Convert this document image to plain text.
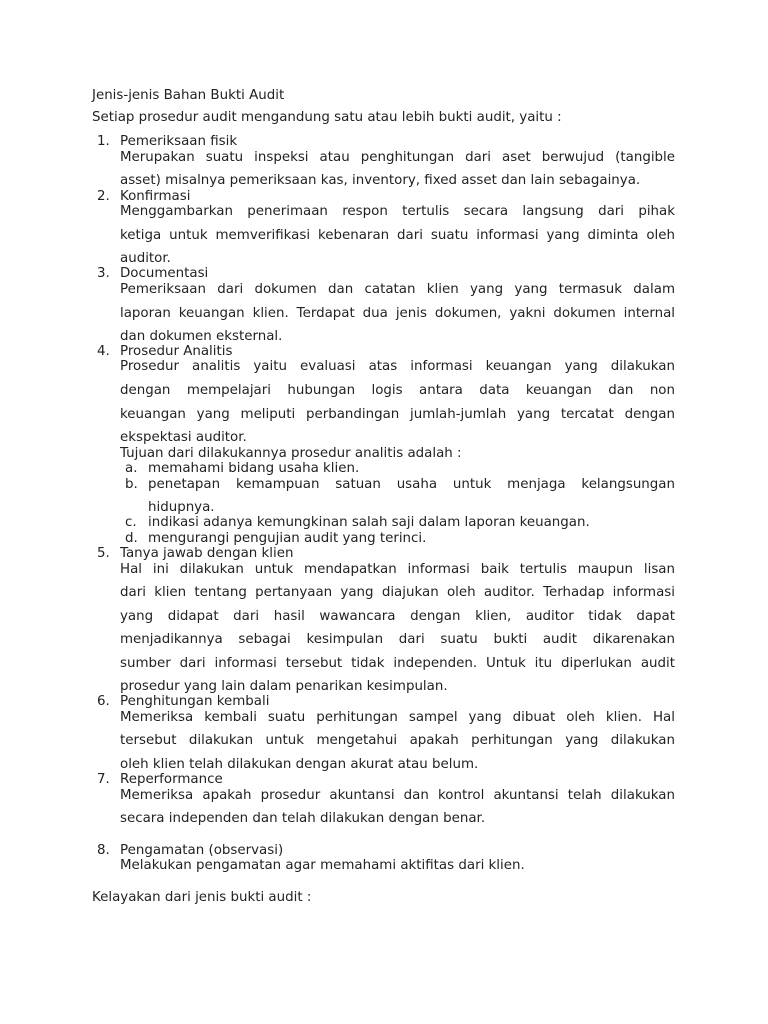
Jenis-jenis Bahan Bukti Audit

Setiap prosedur audit mengandung satu atau lebih bukti audit, yaitu :

1. Pemeriksaan fisik

Merupakan suatu inspeksi atau penghitungan dari aset berwujud (tangible

asset) misalnya pemeriksaan kas, inventory, fixed asset dan lain sebagainya.

2. Konfirmasi

Menggambarkan penerimaan respon tertulis secara langsung dari pihak

ketiga untuk memverifikasi kebenaran dari suatu informasi yang diminta oleh

auditor.

3. Documentasi

Pemeriksaan dari dokumen dan catatan klien yang yang termasuk dalam

laporan keuangan klien. Terdapat dua jenis dokumen, yakni dokumen internal

dan dokumen eksternal.

4. Prosedur Analitis

Prosedur analitis yaitu evaluasi atas informasi keuangan yang dilakukan

dengan mempelajari hubungan logis antara data keuangan dan non

keuangan yang meliputi perbandingan jumlah-jumlah yang tercatat dengan

ekspektasi auditor.

Tujuan dari dilakukannya prosedur analitis adalah :

a. memahami bidang usaha klien.

b. penetapan kemampuan satuan usaha untuk menjaga kelangsungan

hidupnya.

c. indikasi adanya kemungkinan salah saji dalam laporan keuangan.

d. mengurangi pengujian audit yang terinci.

5. Tanya jawab dengan klien

Hal ini dilakukan untuk mendapatkan informasi baik tertulis maupun lisan

dari klien tentang pertanyaan yang diajukan oleh auditor. Terhadap informasi

yang didapat dari hasil wawancara dengan klien, auditor tidak dapat

menjadikannya sebagai kesimpulan dari suatu bukti audit dikarenakan

sumber dari informasi tersebut tidak independen. Untuk itu diperlukan audit

prosedur yang lain dalam penarikan kesimpulan.

6. Penghitungan kembali

Memeriksa kembali suatu perhitungan sampel yang dibuat oleh klien. Hal

tersebut dilakukan untuk mengetahui apakah perhitungan yang dilakukan

oleh klien telah dilakukan dengan akurat atau belum.

7. Reperformance

Memeriksa apakah prosedur akuntansi dan kontrol akuntansi telah dilakukan

secara independen dan telah dilakukan dengan benar.

8. Pengamatan (observasi)

Melakukan pengamatan agar memahami aktifitas dari klien.

Kelayakan dari jenis bukti audit :
